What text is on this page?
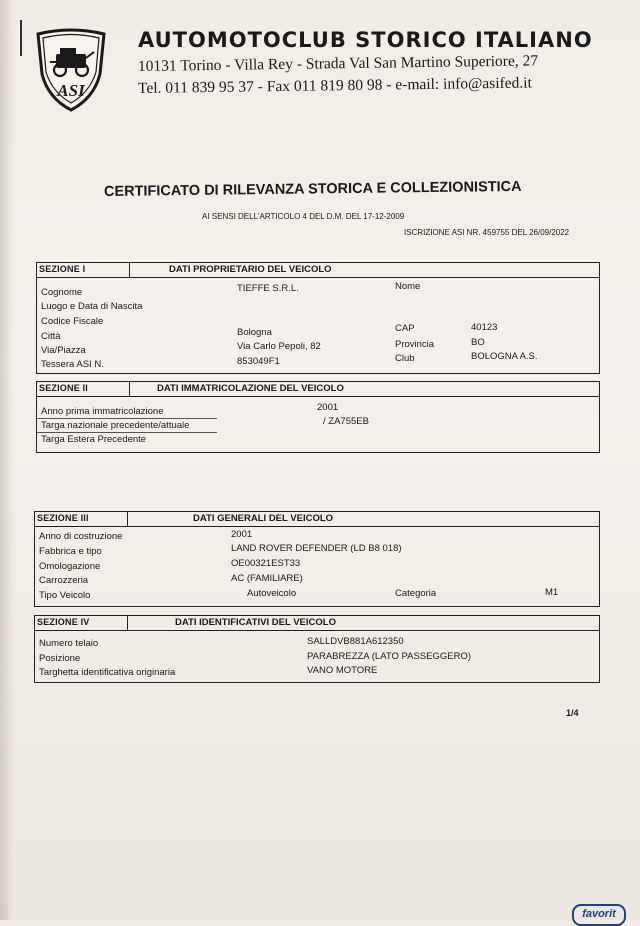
ASI
AUTOMOTOCLUB STORICO ITALIANO
10131 Torino - Villa Rey - Strada Val San Martino Superiore, 27
Tel. 011 839 95 37 - Fax 011 819 80 98 - e-mail: info@asifed.it
CERTIFICATO DI RILEVANZA STORICA E COLLEZIONISTICA
AI SENSI DELL'ARTICOLO 4 DEL D.M. DEL 17-12-2009
ISCRIZIONE ASI NR. 459755 DEL 26/09/2022
SEZIONE I	DATI PROPRIETARIO DEL VEICOLO
Cognome	TIEFFE S.R.L.	Nome
Luogo e Data di Nascita
Codice Fiscale
Città	Bologna	CAP	40123
Via/Piazza	Via Carlo Pepoli, 82	Provincia	BO
Tessera ASI N.	853049F1	Club	BOLOGNA A.S.
SEZIONE II	DATI IMMATRICOLAZIONE DEL VEICOLO
Anno prima immatricolazione	2001
Targa nazionale precedente/attuale	/ ZA755EB
Targa Estera Precedente
SEZIONE III	DATI GENERALI DEL VEICOLO
Anno di costruzione	2001
Fabbrica e tipo	LAND ROVER DEFENDER (LD B8 018)
Omologazione	OE00321EST33
Carrozzeria	AC (FAMILIARE)
Tipo Veicolo	Autoveicolo	Categoria	M1
SEZIONE IV	DATI IDENTIFICATIVI DEL VEICOLO
Numero telaio	SALLDVB881A612350
Posizione	PARABREZZA (LATO PASSEGGERO)
Targhetta identificativa originaria	VANO MOTORE
1/4
favorit
